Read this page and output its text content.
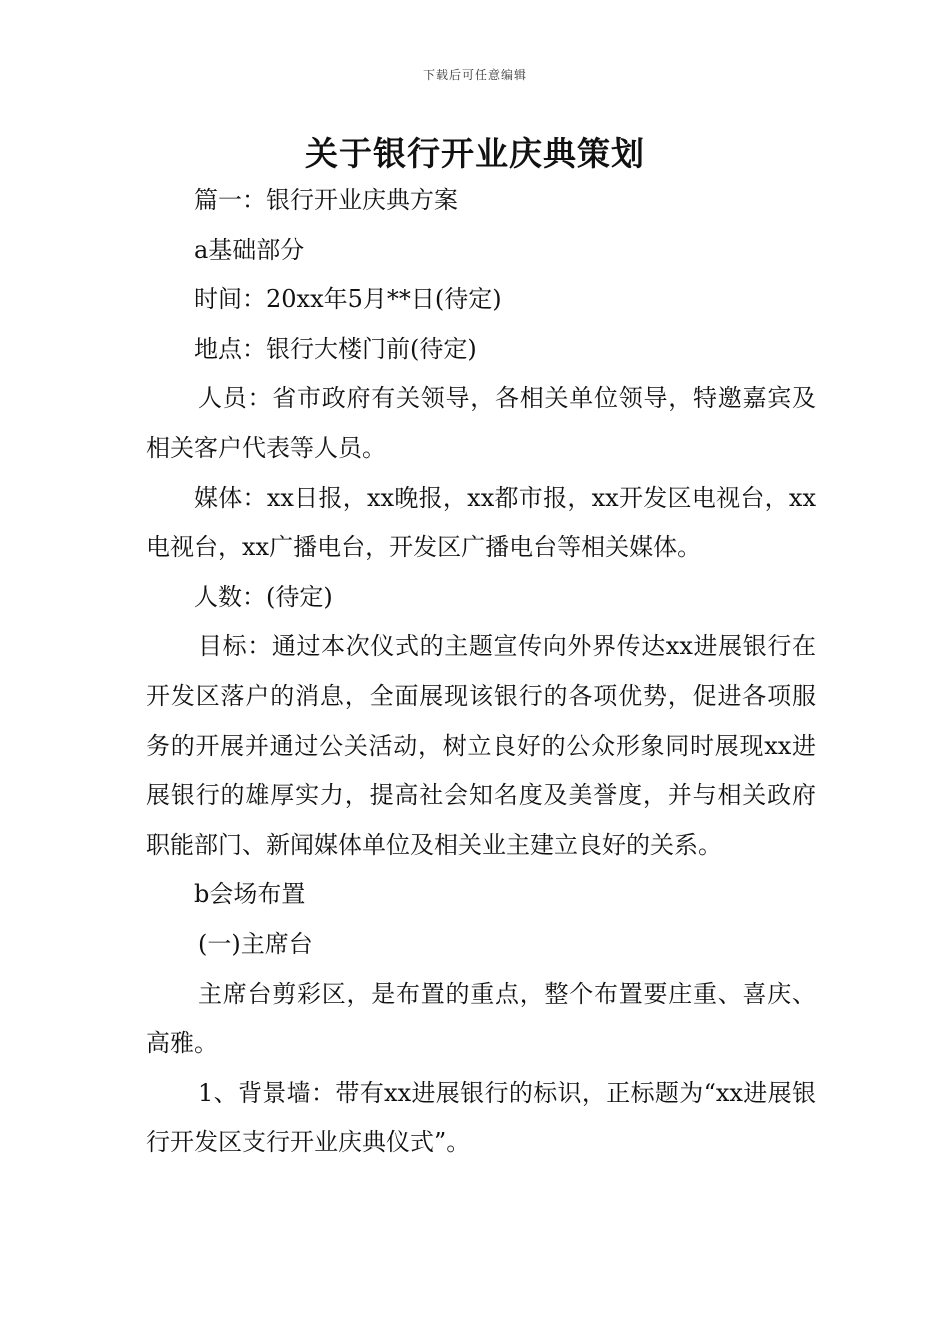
下载后可任意编辑
关于银行开业庆典策划

篇一：银行开业庆典方案

a基础部分

时间：20xx年5月**日(待定)

地点：银行大楼门前(待定)

人员：省市政府有关领导，各相关单位领导，特邀嘉宾及相关客户代表等人员。

媒体：xx日报，xx晚报，xx都市报，xx开发区电视台，xx电视台，xx广播电台，开发区广播电台等相关媒体。

人数：(待定)

目标：通过本次仪式的主题宣传向外界传达xx进展银行在开发区落户的消息，全面展现该银行的各项优势，促进各项服务的开展并通过公关活动，树立良好的公众形象同时展现xx进展银行的雄厚实力，提高社会知名度及美誉度，并与相关政府职能部门、新闻媒体单位及相关业主建立良好的关系。

b会场布置

(一)主席台

主席台剪彩区，是布置的重点，整个布置要庄重、喜庆、高雅。

1、背景墙：带有xx进展银行的标识，正标题为“xx进展银行开发区支行开业庆典仪式”。
